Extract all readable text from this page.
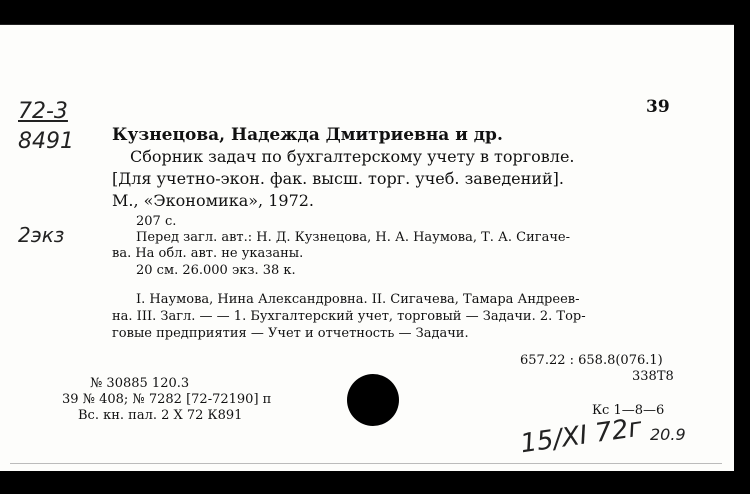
72-3
8491
2экз
39
Кузнецова, Надежда Дмитриевна и др.
Сборник задач по бухгалтерскому учету в торговле.
[Для учетно-экон. фак. высш. торг. учеб. заведений].
М., «Экономика», 1972.
207 с.
Перед загл. авт.: Н. Д. Кузнецова, Н. А. Наумова, Т. А. Сигаче-
ва. На обл. авт. не указаны.
20 см. 26.000 экз. 38 к.
I. Наумова, Нина Александровна. II. Сигачева, Тамара Андреев-
на. III. Загл. — — 1. Бухгалтерский учет, торговый — Задачи. 2. Тор-
говые предприятия — Учет и отчетность — Задачи.
657.22 : 658.8(076.1)
338Т8
№ 30885 120.3
39 № 408; № 7282 [72-72190] п
Вс. кн. пал. 2 X 72 К891	Кс 1—8—6
15/XI 72г 20.9
